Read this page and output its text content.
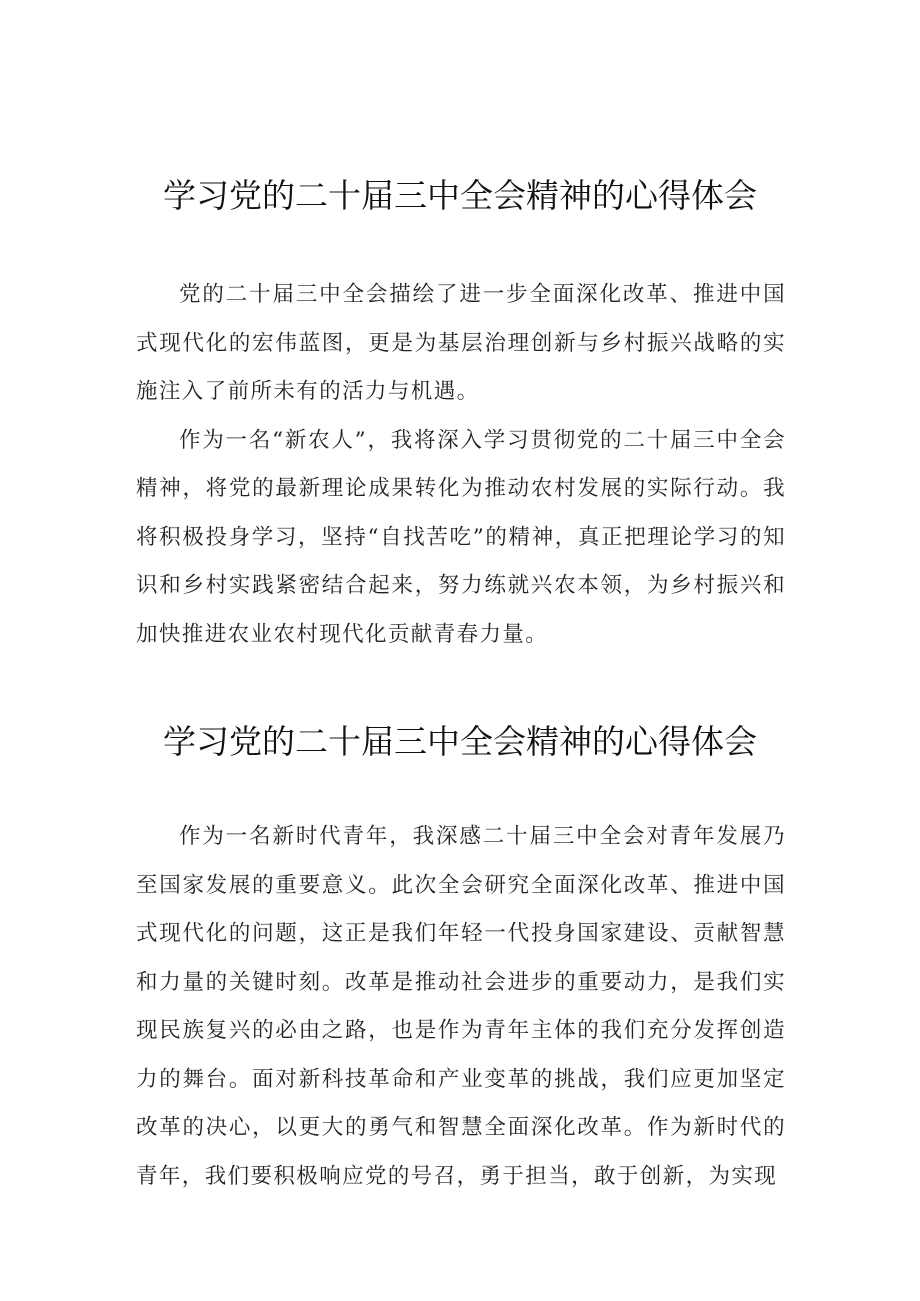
学习党的二十届三中全会精神的心得体会

党的二十届三中全会描绘了进一步全面深化改革、推进中国式现代化的宏伟蓝图，更是为基层治理创新与乡村振兴战略的实施注入了前所未有的活力与机遇。

作为一名“新农人”，我将深入学习贯彻党的二十届三中全会精神，将党的最新理论成果转化为推动农村发展的实际行动。我将积极投身学习，坚持“自找苦吃”的精神，真正把理论学习的知识和乡村实践紧密结合起来，努力练就兴农本领，为乡村振兴和加快推进农业农村现代化贡献青春力量。

学习党的二十届三中全会精神的心得体会

作为一名新时代青年，我深感二十届三中全会对青年发展乃至国家发展的重要意义。此次全会研究全面深化改革、推进中国式现代化的问题，这正是我们年轻一代投身国家建设、贡献智慧和力量的关键时刻。改革是推动社会进步的重要动力，是我们实现民族复兴的必由之路，也是作为青年主体的我们充分发挥创造力的舞台。面对新科技革命和产业变革的挑战，我们应更加坚定改革的决心，以更大的勇气和智慧全面深化改革。作为新时代的青年，我们要积极响应党的号召，勇于担当，敢于创新，为实现
